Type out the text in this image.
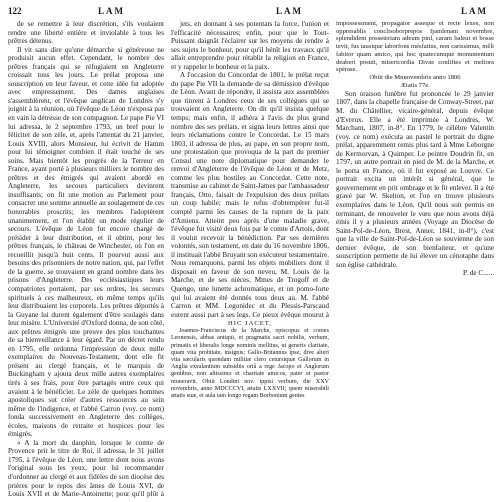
122	LAM	LAM	LAM

de se remettre à leur discrétion, s'ils voulaient rendre une liberté entière et inviolable à tous les prêtres détenus.

Il vit sans dire qu'une démarche si généreuse ne produisit aucun effet. Cependant, le nombre des prêtres français qui se réfugiaient en Angleterre croissait tous les jours. Le prélat proposa une souscription en leur faveur, et cette idée fut adoptée avec empressement. Des dames anglaises s'assemblèrent, et l'évêque anglican de Londres s'y joignit à la réunion, où l'évêque de Léon n'exposa pas en vain la détresse de son compagnon. Le pape Pie VI lui adressa, le 2 septembre 1793, un bref pour le féliciter de son zèle, et, après l'attentat du 21 janvier, Louis XVIII, alors Monsieur, lui écrivit de Hamm pour lui témoigner combien il était touché de ses soins. Mais bientôt les progrès de la Terreur en France, ayant porté à plusieurs milliers le nombre des prêtres et des émigrés qui avaient abordé en Angleterre, les secours particuliers devinrent insuffisants; on fit une motion au Parlement pour consacrer une somme annuelle au soulagement de ces honorables proscrits; les membres l'adoptèrent unanimement, et l'on établit un mode régulier de secours. L'évêque de Léon fut encore chargé de présider à leur distribution, et il obtint, pour les prêtres français, le château de Winchester, où l'on en recueillit jusqu'à huit cents. Il pourvut aussi aux besoins des prisonniers de notre nation, qui, par l'effet de la guerre, se trouvaient en grand nombre dans les prisons d'Angleterre. Des ecclésiastiques leurs compatriotes portaient, par ses ordres, les secours spirituels à ces malheureux, en même temps qu'ils leur distribuaient les corporels. Les prêtres déportés à la Guyane lui durent également d'être soulagés dans leur misère. L'Université d'Oxford donna, de son côté, aux prêtres émigrés une preuve des plus touchantes de sa bienveillance à leur égard. Par un décret rendu en 1795, elle ordonna l'impression de deux mille exemplaires du Nouveau-Testament, dont elle fit présent au clergé français, et le marquis de Buckingham y ajouta deux mille autres exemplaires tirés à ses frais, pour être partagés entre ceux qui avaient à le bénéficier. Le zèle de quelques hommes apostoliques sut créer d'autres ressources au sein même de l'indigence, et l'abbé Carron (voy. ce nom) fonda successivement en Angleterre des collèges, écoles, maisons de retraite et hospices pour les émigrés.

« A la mort du dauphin, lorsque le comte de Provence prit le titre de Roi, il adressa, le 31 juillet 1795, à l'évêque de Léon, une lettre dont nous avons l'original sous les yeux, pour lui recommander d'ordonner au clergé et aux fidèles de son diocèse des prières pour le repos des âmes de Louis XVI, de Louis XVII et de Marie-Antoinette; pour qu'il plût à

jets, en donnant à ses potentats la force, l'union et l'efficacité nécessaires; enfin, pour que le Tout-Puissant daignât l'éclairer sur les moyens de rendre à ses sujets le bonheur, pour qu'il bénît les travaux qu'il allait entreprendre pour rétablir la religion en France, et y rappeler le bonheur et la paix.

A l'occasion du Concordat de 1801, le prélat reçut du pape Pie VII la demande de sa démission d'évêque de Léon. Avant de répondre, il assista aux assemblées que tinrent à Londres ceux de ses collègues qui se trouvaient en Angleterre. On dit qu'il insista quelque temps; mais enfin, il adhéra à l'avis du plus grand nombre des ses prélats, et signa leurs lettres ainsi que leurs réclamations contre le Concordat. Le 15 mars 1803, il adressa de plus, au pape, en son propre nom, une protestation que provoqua de la part du premier Consul une note diplomatique pour demander le renvoi d'Angleterre de l'évêque de Léon et de Metz, comme les plus hostiles au Concordat. Cette note, transmise au cabinet de Saint-James par l'ambassadeur français, Otto, faisait de l'expulsion des deux prélats un coup habile; mais le refus d'obtempérer fut-il compté parmi les causes de la rupture de la paix d'Amiens. Atteint peu après d'une maladie grave, l'évêque fut visité deux fois par le comte d'Artois, dont il voulut recevoir la bénédiction. Par ses dernières volontés, son testament, en date du 16 novembre 1806, il instituait l'abbé Bruyant son exécuteur testamentaire. Nous remarquons, parmi les objets mobiliers dont il disposait en faveur de son neveu, M. Louis de la Marche, et de ses nièces, Mmes de Trogoff et de Quengo, une lunette achromatique, et un pomo-forte qui lui avaient été donnés tous deux au. M. l'abbé Carron et MM. Legonidec et du Plessis-Parscaud eurent aussi part à ses legs. Ce pieux évêque mourut à

HIC JACET,

Joannes-Franciscus de la Marche, episcopus et comes Leonensis, abbas antiqui, et pragmatis sacri nobilis, verbum, primatis et liberalis longe nominis mellitus, ut generis claritate, quam vita probitate, insignis; Gallo-Britannus ipse; dive alteri vita sæcularis quondam militiæ clero cetursiquæ Gallorum in Anglia exsulantium subsidiis oriâ a rege Jacopo et Anglorum gentibus, non altissimo et charitate amicos, pater et pastor muneravit. Obiit Londini nov. ippisi verbum, die XXV novembris, anno MDCCCVI, ætatis LXXVII; quem miserabili ætatis suæ, et aula tam longo regam Borbonium gentes

impossessment, propagator asseque et recte lexes, non oppresablis conclisoborprepos Ijamlenam novembre, splendidem posseteriam adeum pinl, caram baleut et bosse tevit, fus tausique laborfons mésfaitus, non carissimus, mêli fabitor quam amico, qui hoc quatecumque monumentum deaberi posuit, misericordia Divae conliftes et meliora spérase.

Obiit die Mnnovembris anno 1806

Ætatis 77e.

Son oraison funèbre fut prononcée le 29 janvier 1807, dans la chapelle française de Conway-Street, par M. du Châtellier, vicaire-général, depuis évêque d'Evreux. Elle a été imprimée à Londres, W. Marchant, 1807, in-8°. En 1779, le célèbre Valentin (voy. ce nom) exécuta au pastel le portrait du digne prélat, apparemment remis plus tard à Mme Leborgne de Kermorvan, à Quimper. Le peintre Doudrin fit, en 1797, un autre portrait en pied de M. de la Marche, et le porta en France, où il fut exposé au Louvre. Ce portrait excita un intérêt si général, que le gouvernement en prit ombrage et le fit enlever. Il a été gravé par W. Skelton, et l'on en trouve plusieurs exemplaires dans le Léon. Qu'il nous soit permis en terminant, de renouveler le vœu que nous avons déjà émis il y a plusieurs années (Voyage au Diocèse de Saint-Pol-de-Léon, Brest, Anner, 1841, in-8°), c'est que la ville de Saint-Pol-de-Léon se souvienne de son dernier évêque, de son bienfaiteur, et qu'une souscription permette de lui élever un cénotaphe dans son église cathédrale.

P. de C......
